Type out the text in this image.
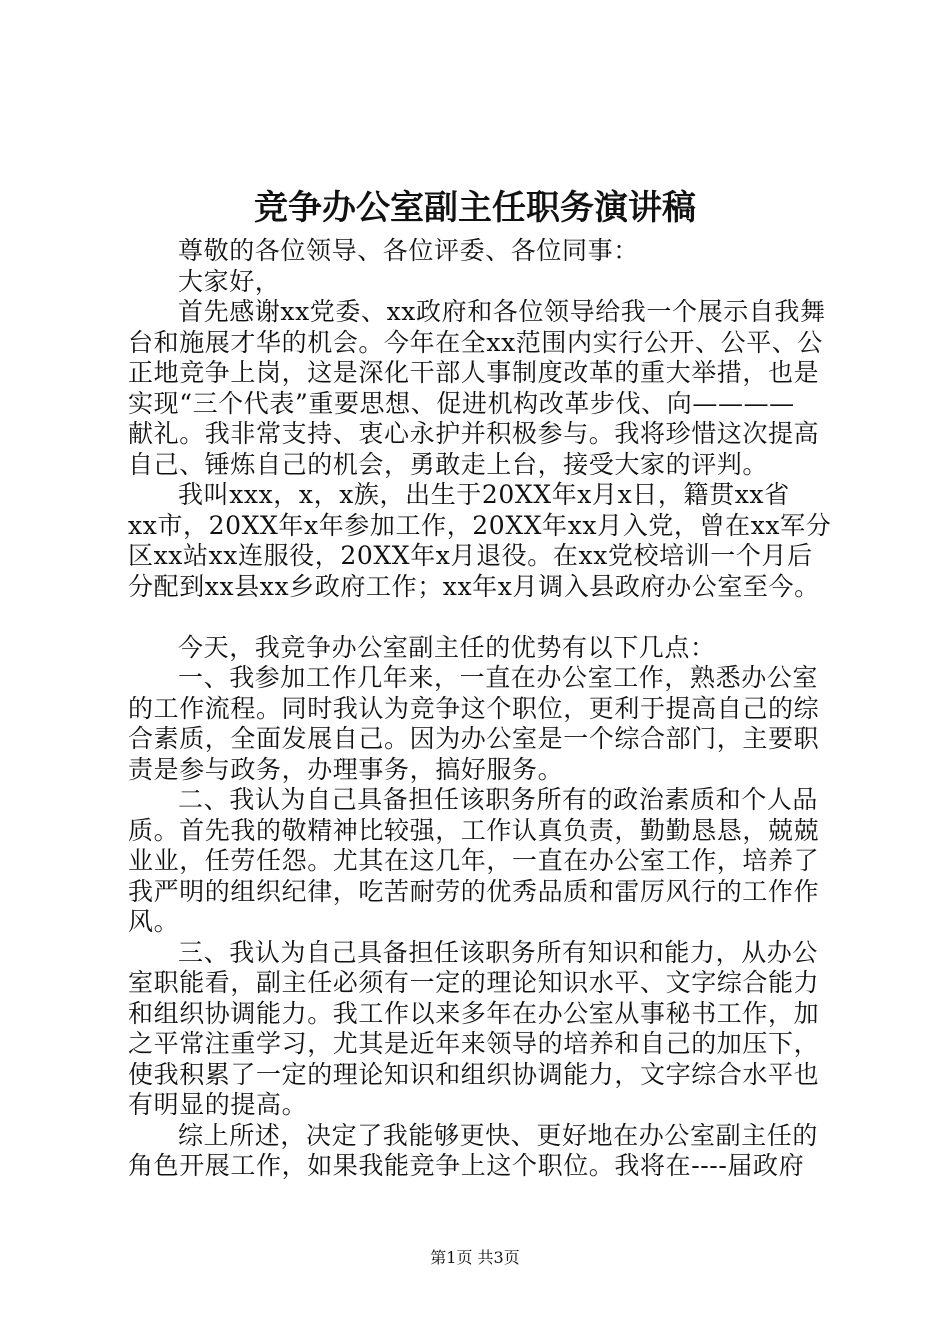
竞争办公室副主任职务演讲稿
尊敬的各位领导、各位评委、各位同事：
大家好，
首先感谢xx党委、xx政府和各位领导给我一个展示自我舞
台和施展才华的机会。今年在全xx范围内实行公开、公平、公
正地竞争上岗，这是深化干部人事制度改革的重大举措，也是
实现“三个代表”重要思想、促进机构改革步伐、向————
献礼。我非常支持、衷心永护并积极参与。我将珍惜这次提高
自己、锤炼自己的机会，勇敢走上台，接受大家的评判。
我叫xxx，x，x族，出生于20XX年x月x日，籍贯xx省
xx市，20XX年x年参加工作，20XX年xx月入党，曾在xx军分
区xx站xx连服役，20XX年x月退役。在xx党校培训一个月后
分配到xx县xx乡政府工作；xx年x月调入县政府办公室至今。
今天，我竞争办公室副主任的优势有以下几点：
一、我参加工作几年来，一直在办公室工作，熟悉办公室
的工作流程。同时我认为竞争这个职位，更利于提高自己的综
合素质，全面发展自己。因为办公室是一个综合部门，主要职
责是参与政务，办理事务，搞好服务。
二、我认为自己具备担任该职务所有的政治素质和个人品
质。首先我的敬精神比较强，工作认真负责，勤勤恳恳，兢兢
业业，任劳任怨。尤其在这几年，一直在办公室工作，培养了
我严明的组织纪律，吃苦耐劳的优秀品质和雷厉风行的工作作
风。
三、我认为自己具备担任该职务所有知识和能力，从办公
室职能看，副主任必须有一定的理论知识水平、文字综合能力
和组织协调能力。我工作以来多年在办公室从事秘书工作，加
之平常注重学习，尤其是近年来领导的培养和自己的加压下，
使我积累了一定的理论知识和组织协调能力，文字综合水平也
有明显的提高。
综上所述，决定了我能够更快、更好地在办公室副主任的
角色开展工作，如果我能竞争上这个职位。我将在----届政府
第1页 共3页
